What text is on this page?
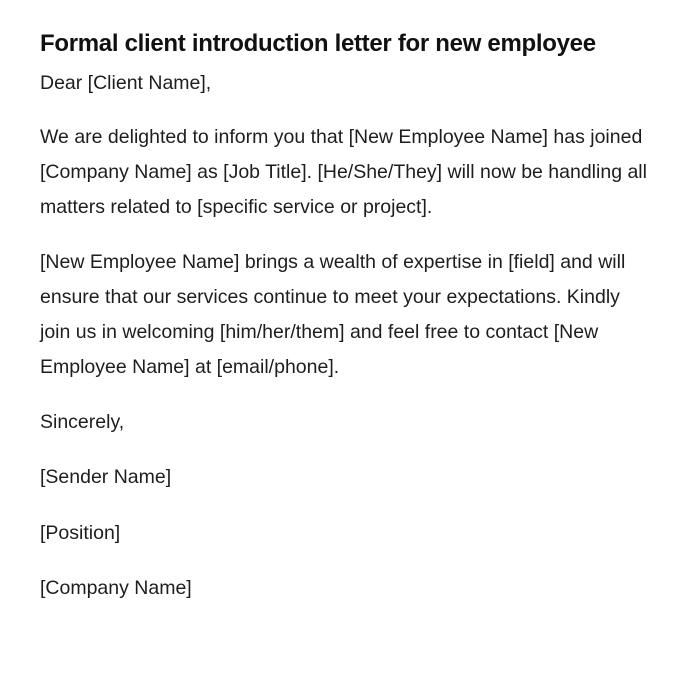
Formal client introduction letter for new employee

Dear [Client Name],

We are delighted to inform you that [New Employee Name] has joined [Company Name] as [Job Title]. [He/She/They] will now be handling all matters related to [specific service or project].

[New Employee Name] brings a wealth of expertise in [field] and will ensure that our services continue to meet your expectations. Kindly join us in welcoming [him/her/them] and feel free to contact [New Employee Name] at [email/phone].

Sincerely,

[Sender Name]

[Position]

[Company Name]
